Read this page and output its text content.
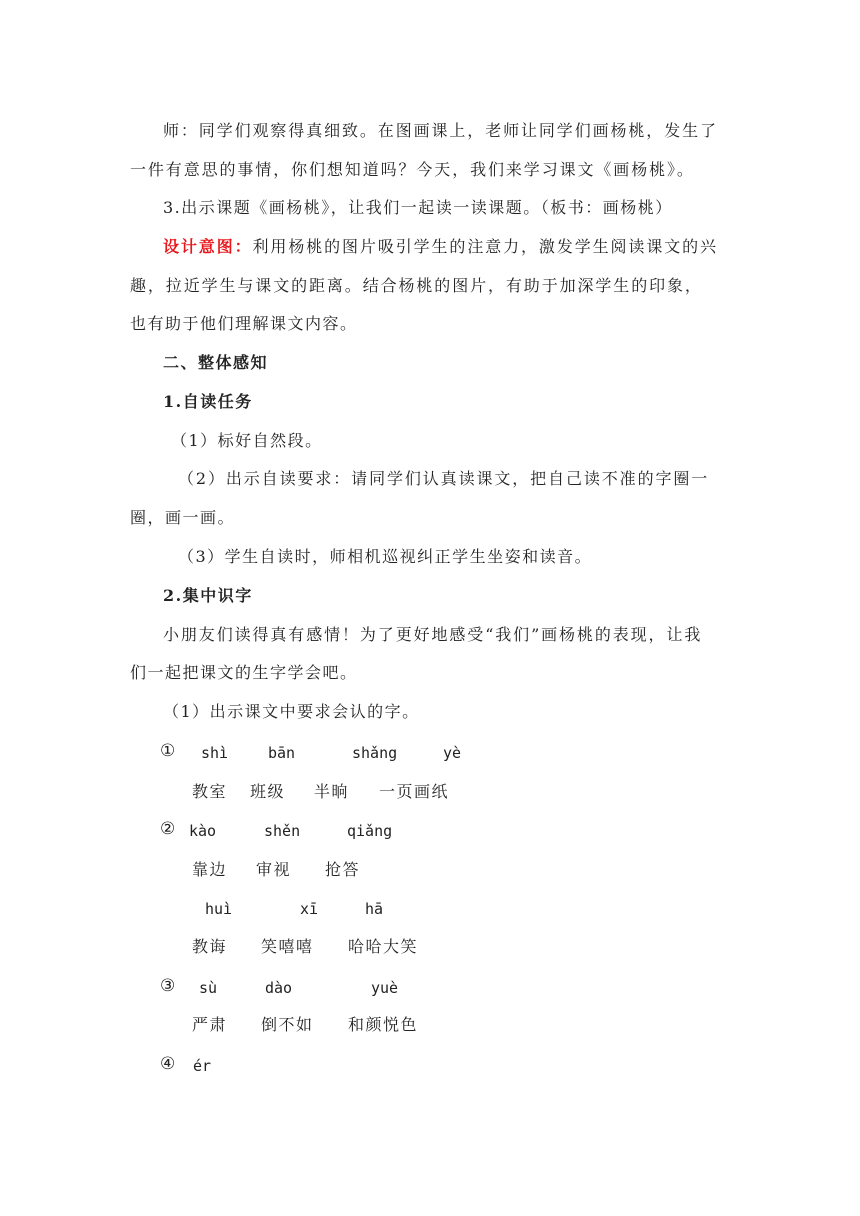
师：同学们观察得真细致。在图画课上，老师让同学们画杨桃，发生了
一件有意思的事情，你们想知道吗？今天，我们来学习课文《画杨桃》。
3.出示课题《画杨桃》，让我们一起读一读课题。（板书：画杨桃）
设计意图：利用杨桃的图片吸引学生的注意力，激发学生阅读课文的兴
趣，拉近学生与课文的距离。结合杨桃的图片，有助于加深学生的印象，
也有助于他们理解课文内容。
二、整体感知
1.自读任务
（1）标好自然段。
（2）出示自读要求：请同学们认真读课文，把自己读不准的字圈一
圈，画一画。
（3）学生自读时，师相机巡视纠正学生坐姿和读音。
2.集中识字
小朋友们读得真有感情！为了更好地感受“我们”画杨桃的表现，让我
们一起把课文的生字学会吧。
（1）出示课文中要求会认的字。
① shì	bān	shǎng	yè
教室 班级 半晌 一页画纸
② kào	shěn	qiǎng
靠边 审视 抢答
huì	xī	hā
教诲 笑嘻嘻 哈哈大笑
③ sù	dào	yuè
严肃 倒不如 和颜悦色
④ ér
